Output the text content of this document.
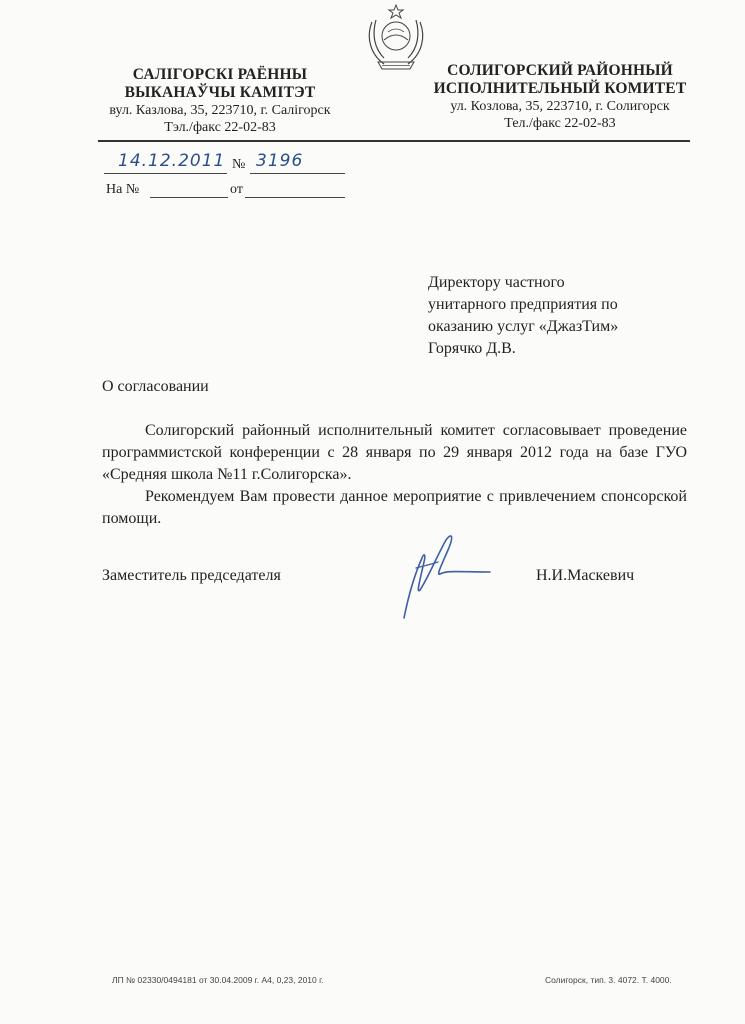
САЛІГОРСКІ РАЁННЫ
ВЫКАНАЎЧЫ КАМІТЭТ
вул. Казлова, 35, 223710, г. Салігорск
Тэл./факс 22-02-83
СОЛИГОРСКИЙ РАЙОННЫЙ
ИСПОЛНИТЕЛЬНЫЙ КОМИТЕТ
ул. Козлова, 35, 223710, г. Солигорск
Тел./факс 22-02-83
14.12.2011 № 3196
На №	от
Директору частного
унитарного предприятия по
оказанию услуг «ДжазТим»
Горячко Д.В.
О согласовании

Солигорский районный исполнительный комитет согласовывает проведение программистской конференции с 28 января по 29 января 2012 года на базе ГУО «Средняя школа №11 г.Солигорска».

Рекомендуем Вам провести данное мероприятие с привлечением спонсорской помощи.

Заместитель председателя	Н.И.Маскевич
ЛП № 02330/0494181 от 30.04.2009 г. А4, 0,23, 2010 г.	Солигорск, тип. 3. 4072. Т. 4000.
